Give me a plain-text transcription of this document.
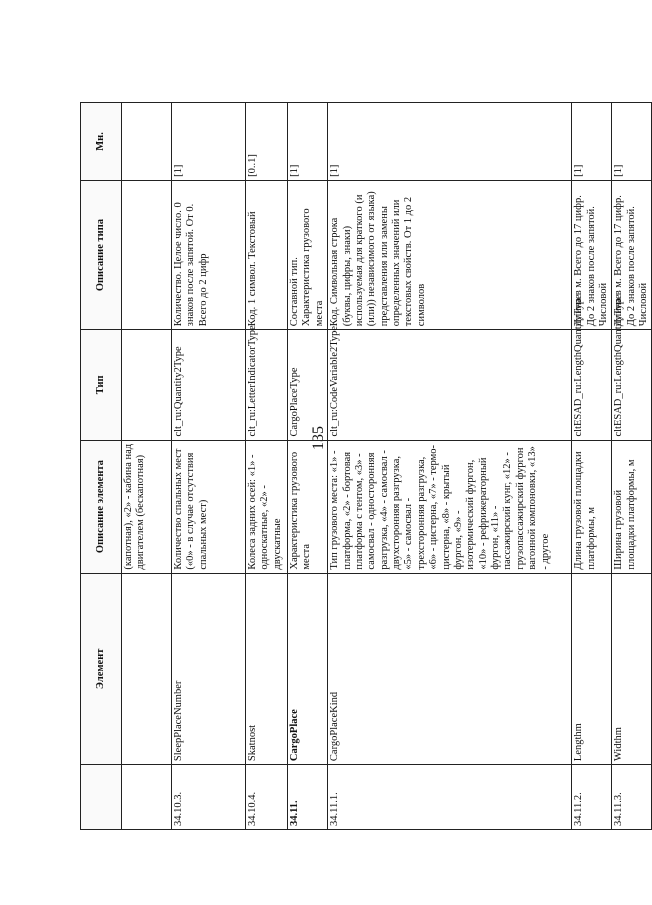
135
	Элемент	Описание элемента	Тип	Описание типа	Мн.
		(капотная), «2» - кабина над двигателем (бескапотная)			
34.10.3.	SleepPlaceNumber	Количество спальных мест («0» - в случае отсутствия спальных мест)	clt_ru:Quantity2Type	Количество. Целое число. 0 знаков после запятой. От 0. Всего до 2 цифр	[1]
34.10.4.	Skatnost	Колеса задних осей: «1» - односкатные, «2» - двускатные	clt_ru:LetterIndicatorType	Код. 1 символ. Текстовый	[0..1]
34.11.	CargoPlace	Характеристика грузового места	CargoPlaceType	Составной тип. Характеристика грузового места	[1]
34.11.1.	CargoPlaceKind	Тип грузового места: «1» - платформа, «2» - бортовая платформа с тентом, «3» - самосвал - односторонняя разгрузка, «4» - самосвал - двухсторонняя разгрузка, «5» - самосвал - трехсторонняя разгрузка, «6» - цистерна, «7» - термо-цистерна, «8» - крытый фургон, «9» - изотермический фургон, «10» - рефрижераторный фургон, «11» - пассажирский кунг, «12» - грузопассажирский фургон вагонной компоновки, «13» - другое	clt_ru:CodeVariable2Type	Код. Символьная строка (буквы, цифры, знаки) используемая для краткого (и (или)) независимого от языка) представления или замены определенных значений или текстовых свойств. От 1 до 2 символов	[1]
34.11.2.	Lengthm	Длина грузовой площадки платформы, м	cltESAD_ru:LengthQuantityType	Длина в м. Всего до 17 цифр. До 2 знаков после запятой. Числовой	[1]
34.11.3.	Widthm	Ширина грузовой площадки платформы, м	cltESAD_ru:LengthQuantityType	Длина в м. Всего до 17 цифр. До 2 знаков после запятой. Числовой	[1]
